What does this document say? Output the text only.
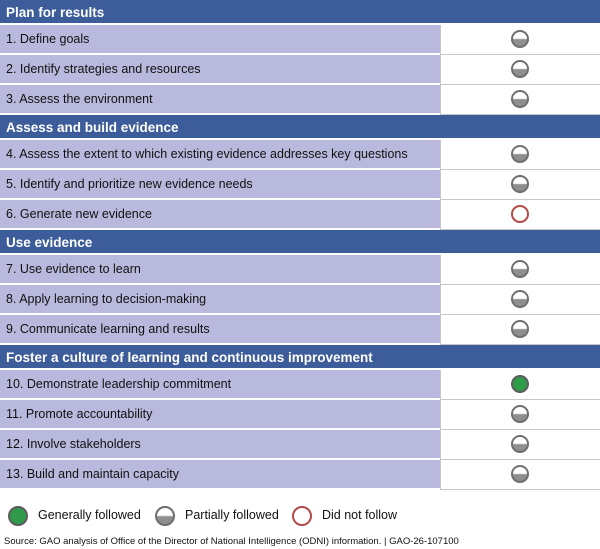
Plan for results
1. Define goals
2. Identify strategies and resources
3. Assess the environment
Assess and build evidence
4. Assess the extent to which existing evidence addresses key questions
5. Identify and prioritize new evidence needs
6. Generate new evidence
Use evidence
7. Use evidence to learn
8. Apply learning to decision-making
9. Communicate learning and results
Foster a culture of learning and continuous improvement
10. Demonstrate leadership commitment
11. Promote accountability
12. Involve stakeholders
13. Build and maintain capacity
Generally followed	Partially followed	Did not follow
Source: GAO analysis of Office of the Director of National Intelligence (ODNI) information. | GAO-26-107100
